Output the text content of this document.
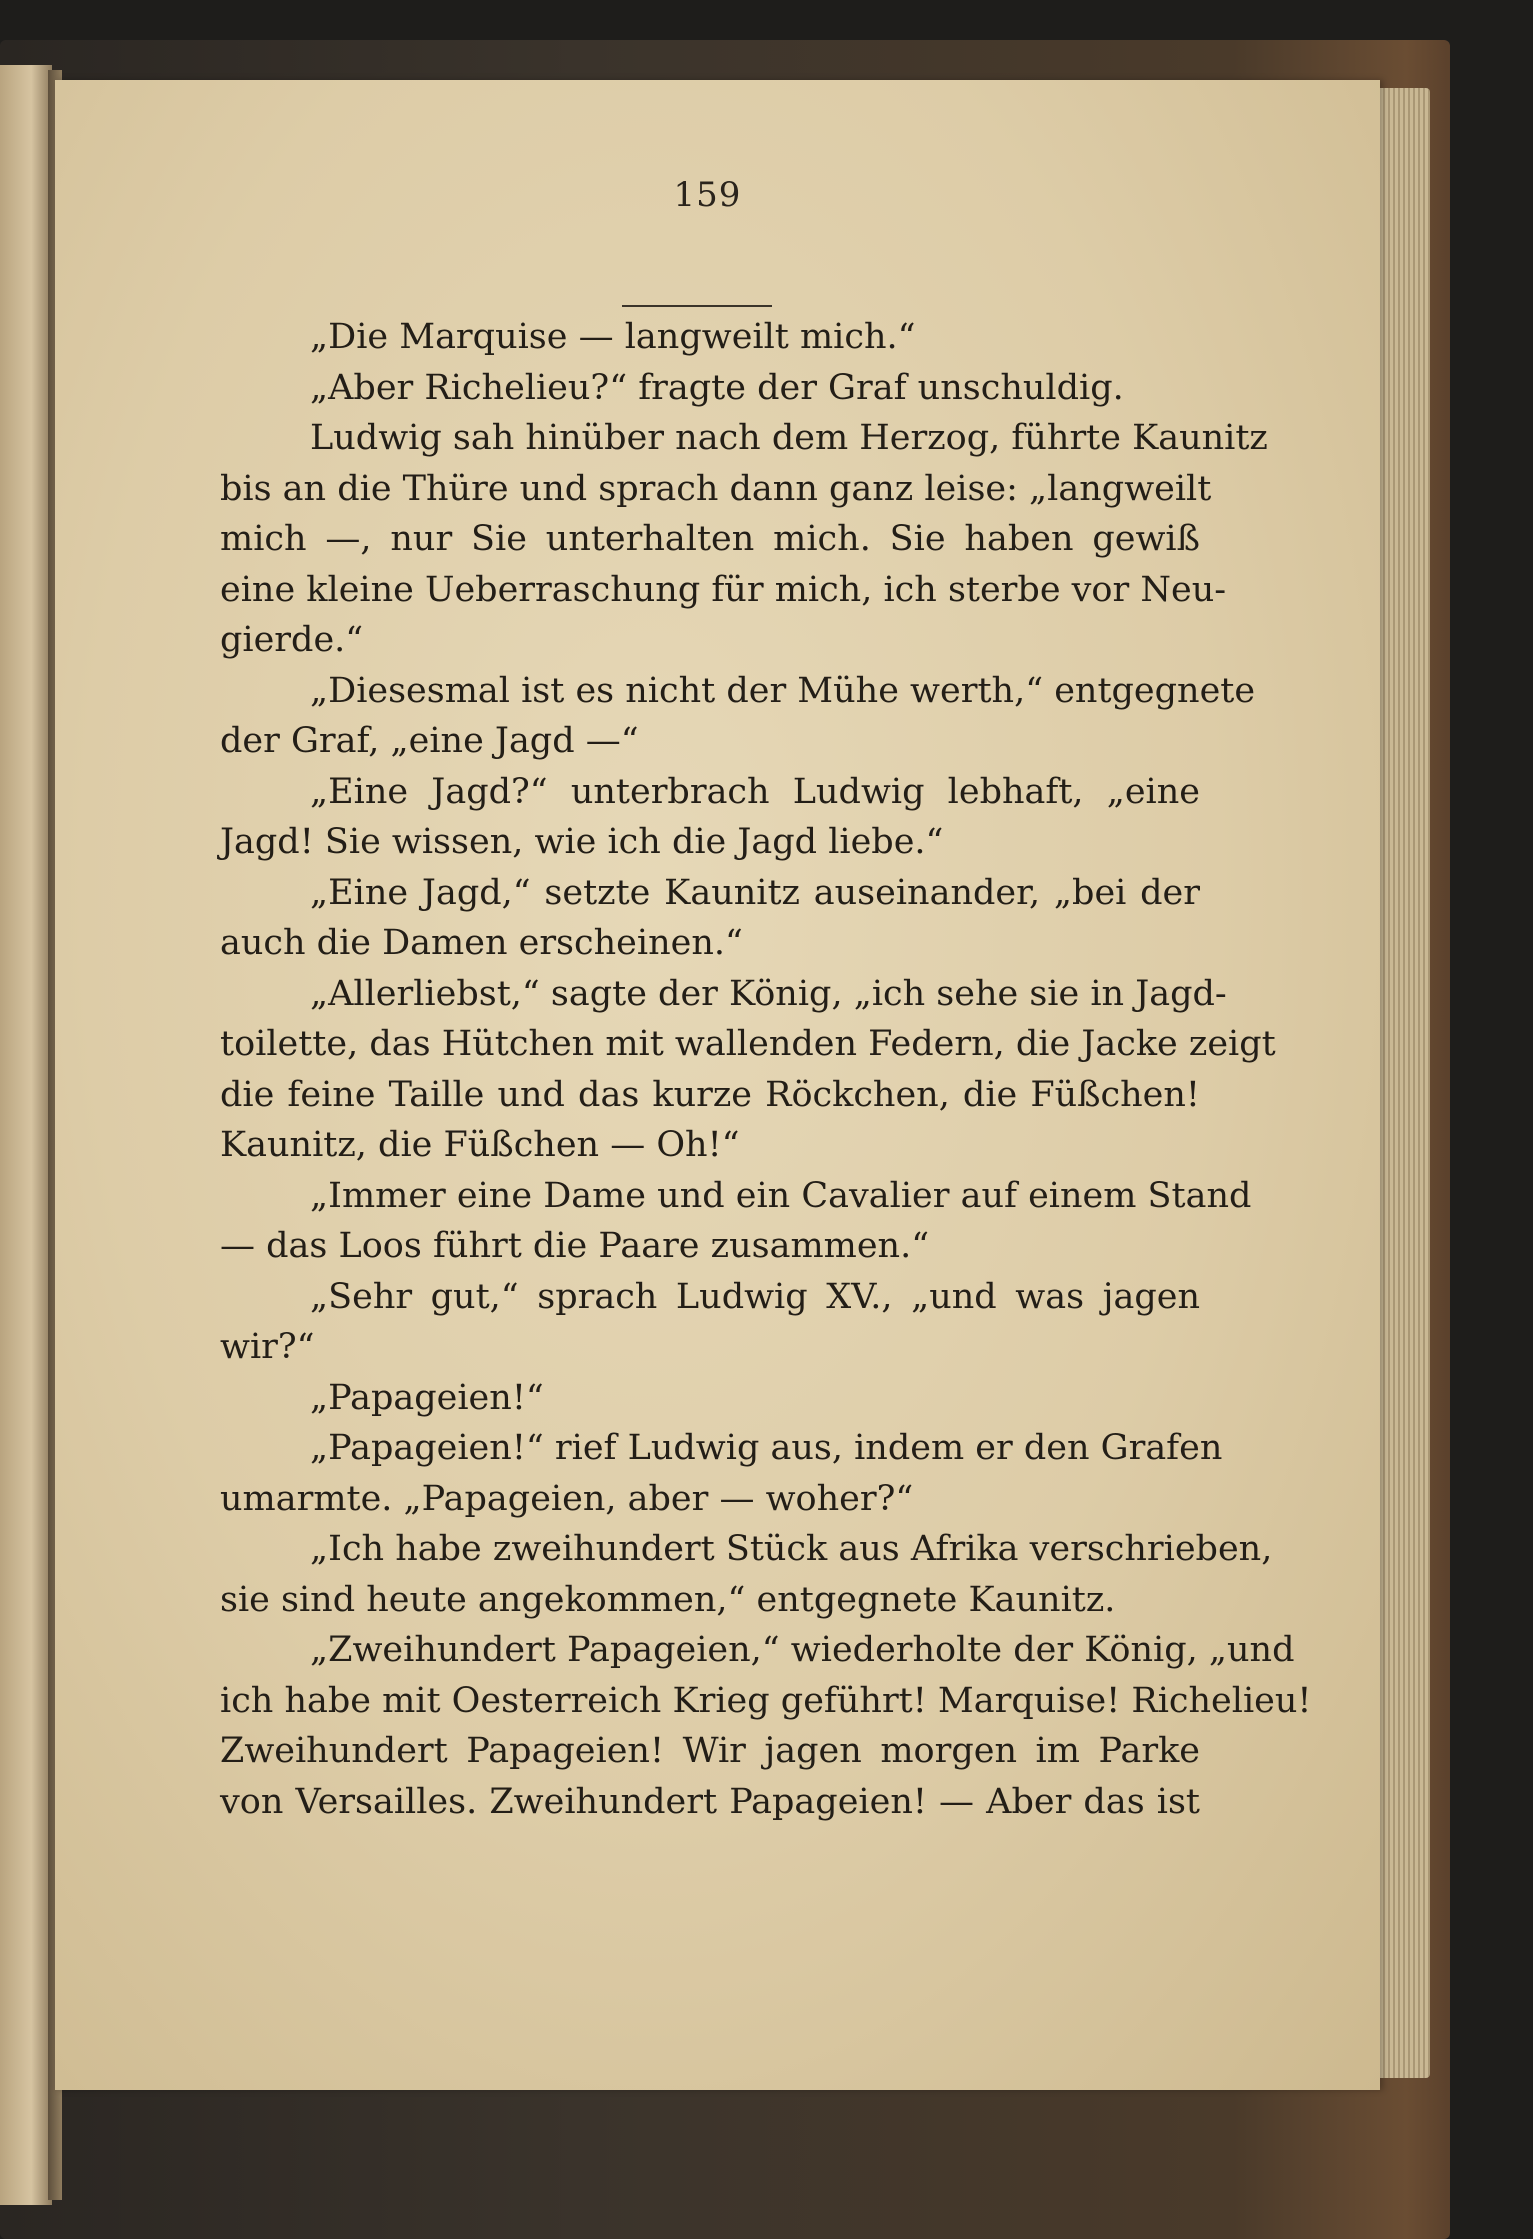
159
„Die Marquise — langweilt mich.“
„Aber Richelieu?“ fragte der Graf unschuldig.
Ludwig sah hinüber nach dem Herzog, führte Kaunitz
bis an die Thüre und sprach dann ganz leise: „langweilt
mich —, nur Sie unterhalten mich. Sie haben gewiß
eine kleine Ueberraschung für mich, ich sterbe vor Neu-
gierde.“
„Diesesmal ist es nicht der Mühe werth,“ entgegnete
der Graf, „eine Jagd —“
„Eine Jagd?“ unterbrach Ludwig lebhaft, „eine
Jagd! Sie wissen, wie ich die Jagd liebe.“
„Eine Jagd,“ setzte Kaunitz auseinander, „bei der
auch die Damen erscheinen.“
„Allerliebst,“ sagte der König, „ich sehe sie in Jagd-
toilette, das Hütchen mit wallenden Federn, die Jacke zeigt
die feine Taille und das kurze Röckchen, die Füßchen!
Kaunitz, die Füßchen — Oh!“
„Immer eine Dame und ein Cavalier auf einem Stand
— das Loos führt die Paare zusammen.“
„Sehr gut,“ sprach Ludwig XV., „und was jagen
wir?“
„Papageien!“
„Papageien!“ rief Ludwig aus, indem er den Grafen
umarmte. „Papageien, aber — woher?“
„Ich habe zweihundert Stück aus Afrika verschrieben,
sie sind heute angekommen,“ entgegnete Kaunitz.
„Zweihundert Papageien,“ wiederholte der König, „und
ich habe mit Oesterreich Krieg geführt! Marquise! Richelieu!
Zweihundert Papageien! Wir jagen morgen im Parke
von Versailles. Zweihundert Papageien! — Aber das ist
